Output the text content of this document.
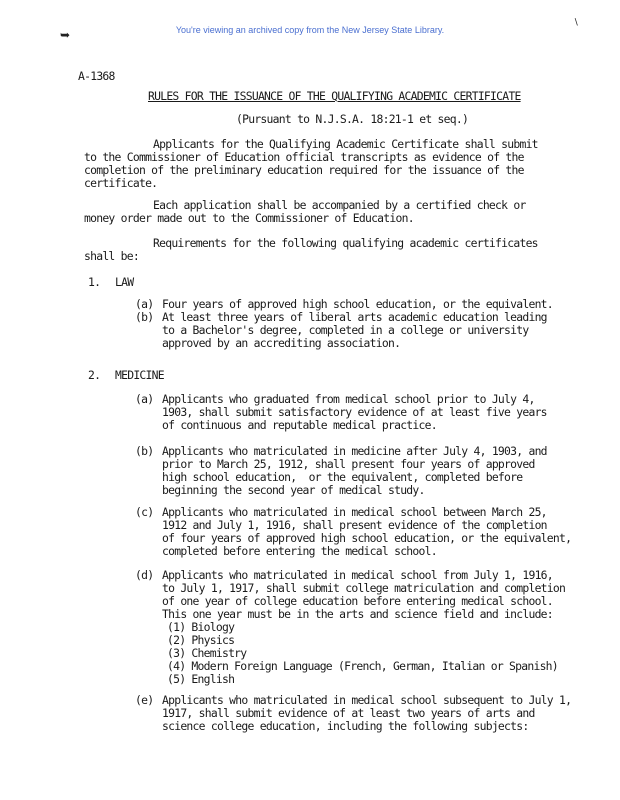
You're viewing an archived copy from the New Jersey State Library.
➥
∖
A-1368
RULES FOR THE ISSUANCE OF THE QUALIFYING ACADEMIC CERTIFICATE
(Pursuant to N.J.S.A. 18:21-1 et seq.)
Applicants for the Qualifying Academic Certificate shall submit
to the Commissioner of Education official transcripts as evidence of the
completion of the preliminary education required for the issuance of the
certificate.
Each application shall be accompanied by a certified check or
money order made out to the Commissioner of Education.
Requirements for the following qualifying academic certificates
shall be:
1. LAW
(a) Four years of approved high school education, or the equivalent.
(b) At least three years of liberal arts academic education leading
to a Bachelor's degree, completed in a college or university
approved by an accrediting association.
2. MEDICINE
(a) Applicants who graduated from medical school prior to July 4,
1903, shall submit satisfactory evidence of at least five years
of continuous and reputable medical practice.
(b) Applicants who matriculated in medicine after July 4, 1903, and
prior to March 25, 1912, shall present four years of approved
high school education,  or the equivalent, completed before
beginning the second year of medical study.
(c) Applicants who matriculated in medical school between March 25,
1912 and July 1, 1916, shall present evidence of the completion
of four years of approved high school education, or the equivalent,
completed before entering the medical school.
(d) Applicants who matriculated in medical school from July 1, 1916,
to July 1, 1917, shall submit college matriculation and completion
of one year of college education before entering medical school.
This one year must be in the arts and science field and include:
(1) Biology
(2) Physics
(3) Chemistry
(4) Modern Foreign Language (French, German, Italian or Spanish)
(5) English
(e) Applicants who matriculated in medical school subsequent to July 1,
1917, shall submit evidence of at least two years of arts and
science college education, including the following subjects:
